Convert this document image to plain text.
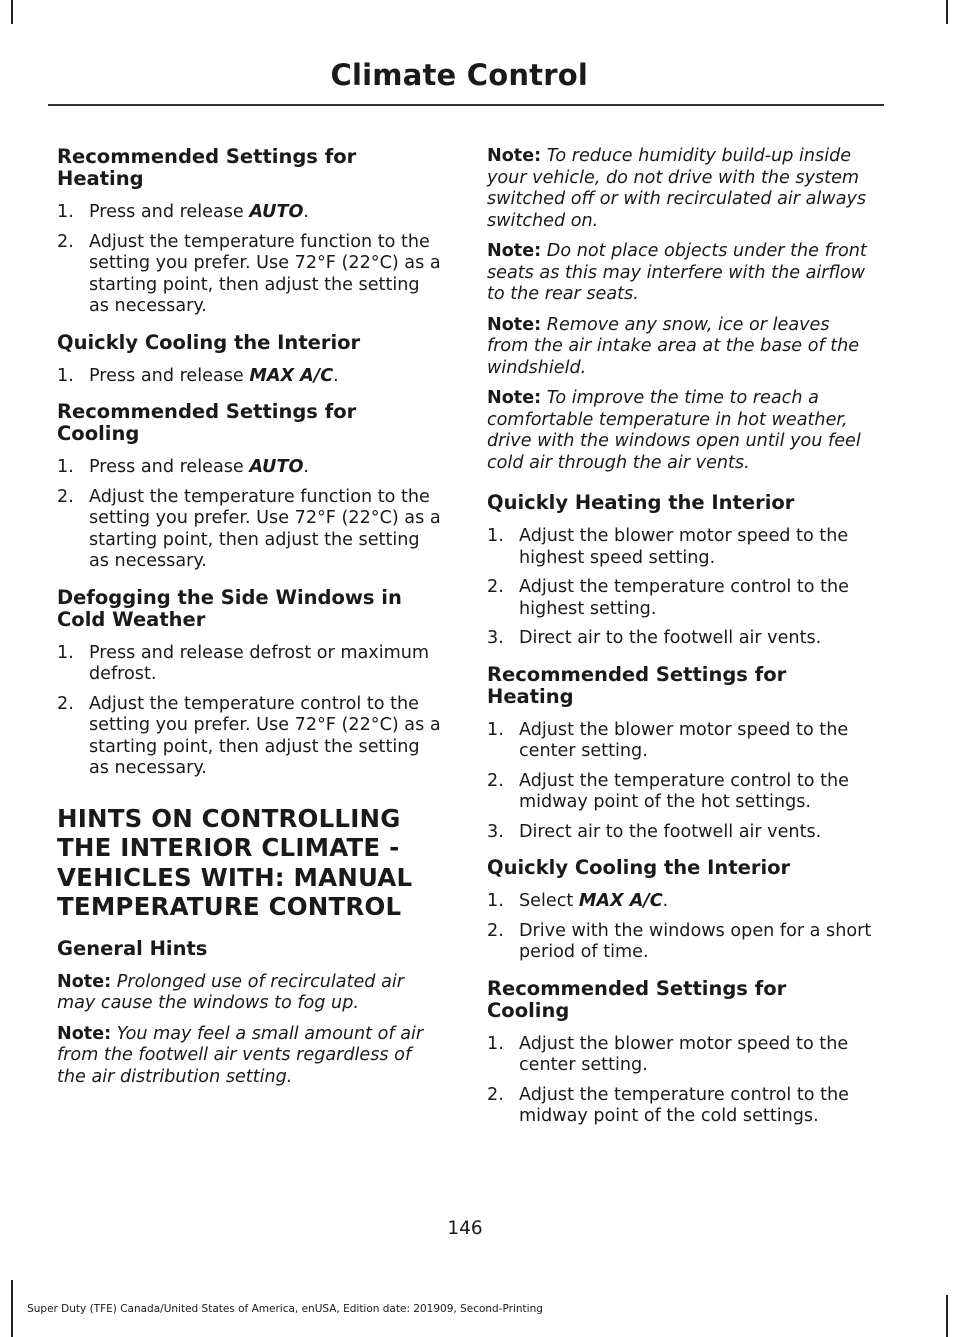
Climate Control
Recommended Settings for Heating
1. Press and release AUTO.
2. Adjust the temperature function to the setting you prefer. Use 72°F (22°C) as a starting point, then adjust the setting as necessary.
Quickly Cooling the Interior
1. Press and release MAX A/C.
Recommended Settings for Cooling
1. Press and release AUTO.
2. Adjust the temperature function to the setting you prefer. Use 72°F (22°C) as a starting point, then adjust the setting as necessary.
Defogging the Side Windows in Cold Weather
1. Press and release defrost or maximum defrost.
2. Adjust the temperature control to the setting you prefer. Use 72°F (22°C) as a starting point, then adjust the setting as necessary.
HINTS ON CONTROLLING THE INTERIOR CLIMATE - VEHICLES WITH: MANUAL TEMPERATURE CONTROL
General Hints

Note: Prolonged use of recirculated air may cause the windows to fog up.

Note: You may feel a small amount of air from the footwell air vents regardless of the air distribution setting.

Note: To reduce humidity build-up inside your vehicle, do not drive with the system switched off or with recirculated air always switched on.

Note: Do not place objects under the front seats as this may interfere with the airflow to the rear seats.

Note: Remove any snow, ice or leaves from the air intake area at the base of the windshield.

Note: To improve the time to reach a comfortable temperature in hot weather, drive with the windows open until you feel cold air through the air vents.

Quickly Heating the Interior
1. Adjust the blower motor speed to the highest speed setting.
2. Adjust the temperature control to the highest setting.
3. Direct air to the footwell air vents.
Recommended Settings for Heating
1. Adjust the blower motor speed to the center setting.
2. Adjust the temperature control to the midway point of the hot settings.
3. Direct air to the footwell air vents.
Quickly Cooling the Interior
1. Select MAX A/C.
2. Drive with the windows open for a short period of time.
Recommended Settings for Cooling
1. Adjust the blower motor speed to the center setting.
2. Adjust the temperature control to the midway point of the cold settings.

146

Super Duty (TFE) Canada/United States of America, enUSA, Edition date: 201909, Second-Printing
